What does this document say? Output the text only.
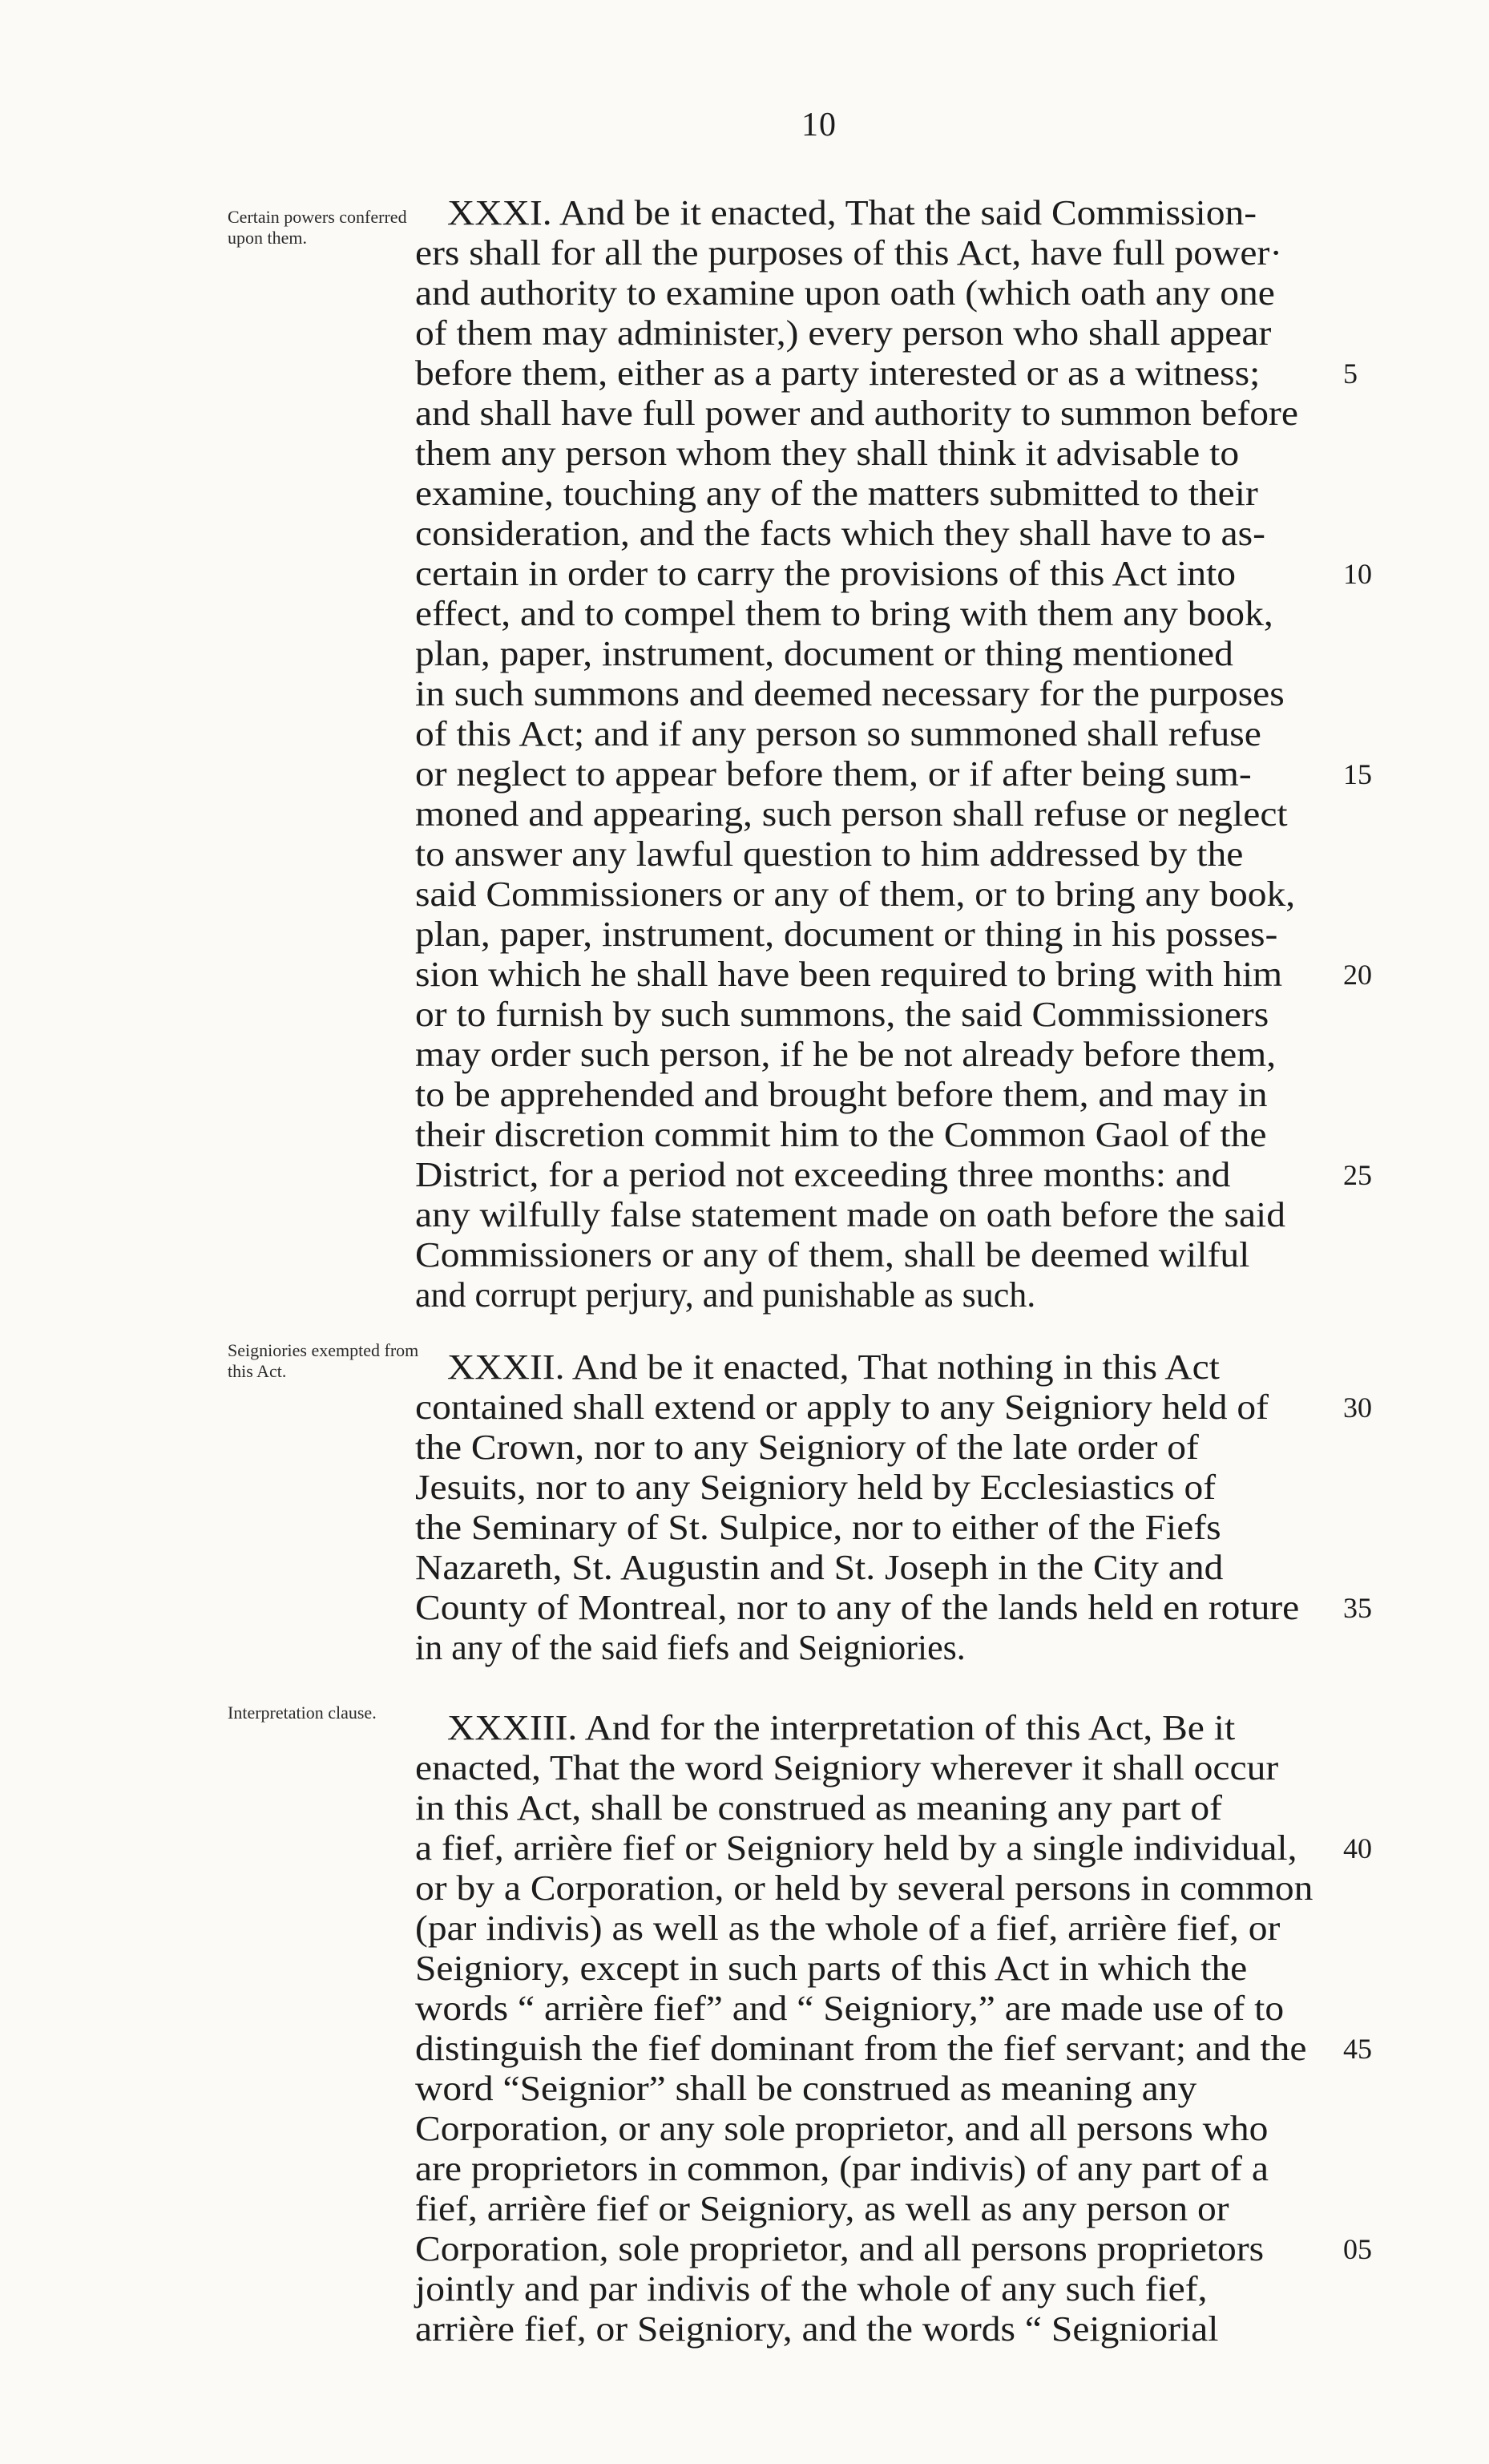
10
Certain powers conferred upon them.
Seigniories exempted from this Act.
Interpretation clause.
XXXI. And be it enacted, That the said Commission-
ers shall for all the purposes of this Act, have full power·
and authority to examine upon oath (which oath any one
of them may administer,) every person who shall appear
before them, either as a party interested or as a witness;
and shall have full power and authority to summon before
them any person whom they shall think it advisable to
examine, touching any of the matters submitted to their
consideration, and the facts which they shall have to as-
certain in order to carry the provisions of this Act into
effect, and to compel them to bring with them any book,
plan, paper, instrument, document or thing mentioned
in such summons and deemed necessary for the purposes
of this Act; and if any person so summoned shall refuse
or neglect to appear before them, or if after being sum-
moned and appearing, such person shall refuse or neglect
to answer any lawful question to him addressed by the
said Commissioners or any of them, or to bring any book,
plan, paper, instrument, document or thing in his posses-
sion which he shall have been required to bring with him
or to furnish by such summons, the said Commissioners
may order such person, if he be not already before them,
to be apprehended and brought before them, and may in
their discretion commit him to the Common Gaol of the
District, for a period not exceeding three months: and
any wilfully false statement made on oath before the said
Commissioners or any of them, shall be deemed wilful
and corrupt perjury, and punishable as such.
XXXII. And be it enacted, That nothing in this Act
contained shall extend or apply to any Seigniory held of
the Crown, nor to any Seigniory of the late order of
Jesuits, nor to any Seigniory held by Ecclesiastics of
the Seminary of St. Sulpice, nor to either of the Fiefs
Nazareth, St. Augustin and St. Joseph in the City and
County of Montreal, nor to any of the lands held en roture
in any of the said fiefs and Seigniories.
XXXIII. And for the interpretation of this Act, Be it
enacted, That the word Seigniory wherever it shall occur
in this Act, shall be construed as meaning any part of
a fief, arrière fief or Seigniory held by a single individual,
or by a Corporation, or held by several persons in common
(par indivis) as well as the whole of a fief, arrière fief, or
Seigniory, except in such parts of this Act in which the
words “ arrière fief” and “ Seigniory,” are made use of to
distinguish the fief dominant from the fief servant; and the
word “Seignior” shall be construed as meaning any
Corporation, or any sole proprietor, and all persons who
are proprietors in common, (par indivis) of any part of a
fief, arrière fief or Seigniory, as well as any person or
Corporation, sole proprietor, and all persons proprietors
jointly and par indivis of the whole of any such fief,
arrière fief, or Seigniory, and the words “ Seigniorial
5
10
15
20
25
30
35
40
45
05
